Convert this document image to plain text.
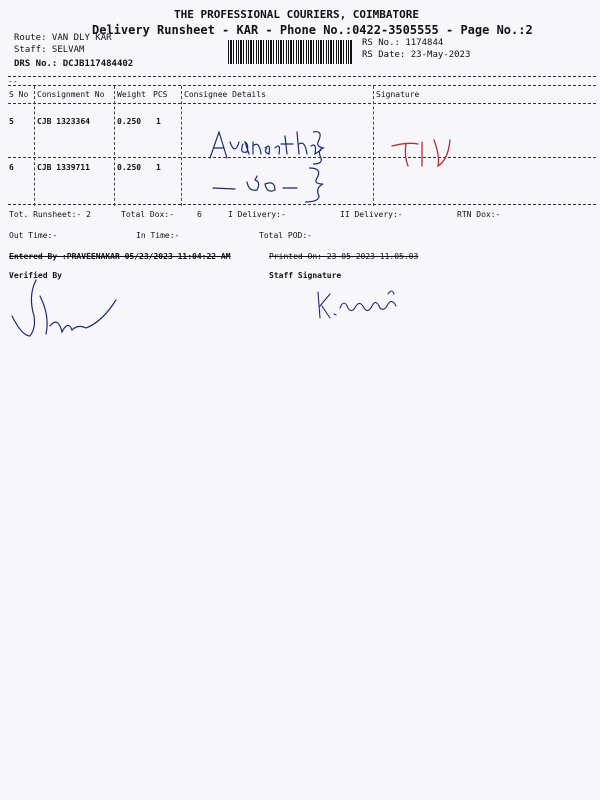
THE PROFESSIONAL COURIERS, COIMBATORE
Delivery Runsheet - KAR - Phone No.:0422-3505555 - Page No.:2
Route: VAN DLY KAR
Staff: SELVAM
DRS No.: DCJB117484402
RS No.: 1174844
RS Date: 23-May-2023
--
S No Consignment No Weight PCS Consignee Details	Signature
5	CJB 1323364	0.250 1
6	CJB 1339711	0.250 1
Tot. Runsheet:- 2	Total Dox:-	6	I Delivery:-	II Delivery:-	RTN Dox:-
Out Time:-	In Time:-	Total POD:-
Entered By :PRAVEENAKAR 05/23/2023 11:04:22 AM	Printed On: 23-05-2023 11.05.03
Verified By	Staff Signature
